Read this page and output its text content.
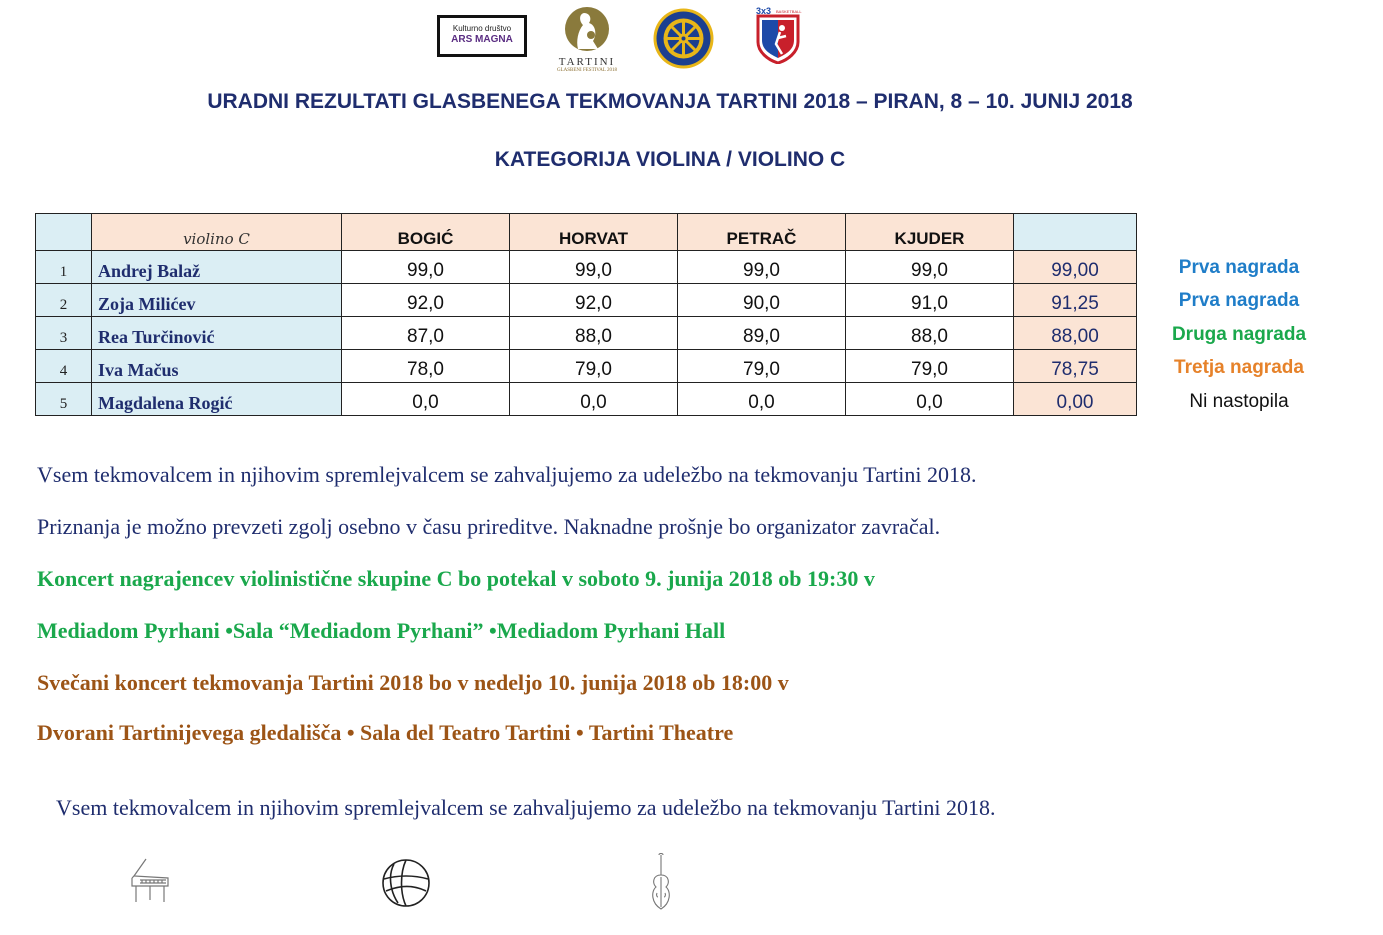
Kulturno društvo
ARS MAGNA
TARTINI
GLASBENI FESTIVAL 2018
3x3 BASKETBALL
URADNI REZULTATI GLASBENEGA TEKMOVANJA TARTINI 2018 – PIRAN, 8 – 10. JUNIJ 2018
KATEGORIJA VIOLINA / VIOLINO C
	violino C	BOGIĆ	HORVAT	PETRAČ	KJUDER	
1	Andrej Balaž	99,0	99,0	99,0	99,0	99,00
2	Zoja Milićev	92,0	92,0	90,0	91,0	91,25
3	Rea Turčinović	87,0	88,0	89,0	88,0	88,00
4	Iva Mačus	78,0	79,0	79,0	79,0	78,75
5	Magdalena Rogić	0,0	0,0	0,0	0,0	0,00
Prva nagrada
Prva nagrada
Druga nagrada
Tretja nagrada
Ni nastopila
Vsem tekmovalcem in njihovim spremlejvalcem se zahvaljujemo za udeležbo na tekmovanju Tartini 2018.
Priznanja je možno prevzeti zgolj osebno v času prireditve. Naknadne prošnje bo organizator zavračal.
Koncert nagrajencev violinistične skupine C bo potekal v soboto 9. junija 2018 ob 19:30 v
Mediadom Pyrhani •Sala “Mediadom Pyrhani” •Mediadom Pyrhani Hall
Svečani koncert tekmovanja Tartini 2018 bo v nedeljo 10. junija 2018 ob 18:00 v
Dvorani Tartinijevega gledališča • Sala del Teatro Tartini • Tartini Theatre
Vsem tekmovalcem in njihovim spremlejvalcem se zahvaljujemo za udeležbo na tekmovanju Tartini 2018.
